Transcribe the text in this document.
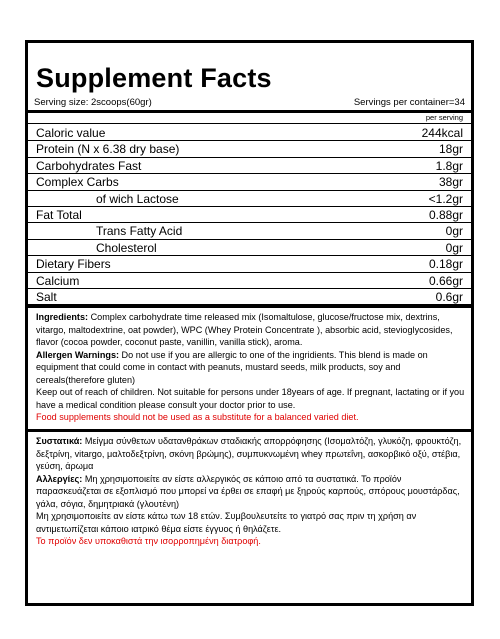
Supplement Facts
Serving size: 2scoops(60gr)	Servings per container=34
per serving
Caloric value	244kcal
Protein (N x 6.38 dry base)	18gr
Carbohydrates Fast	1.8gr
Complex Carbs	38gr
of wich Lactose	<1.2gr
Fat Total	0.88gr
Trans Fatty Acid	0gr
Cholesterol	0gr
Dietary Fibers	0.18gr
Calcium	0.66gr
Salt	0.6gr
Ingredients: Complex carbohydrate time released mix (Isomaltulose, glucose/fructose mix, dextrins, vitargo, maltodextrine, oat powder), WPC (Whey Protein Concentrate ), absorbic acid, stevioglycosides, flavor (cocoa powder, coconut paste, vanillin, vanilla stick), aroma.
Allergen Warnings: Do not use if you are allergic to one of the ingridients. This blend is made on equipment that could come in contact with peanuts, mustard seeds, milk products, soy and cereals(therefore gluten)
Keep out of reach of children. Not suitable for persons under 18years of age. If pregnant, lactating or if you have a medical condition please consult your doctor prior to use.
Food supplements should not be used as a substitute for a balanced varied diet.
Συστατικά: Μείγμα σύνθετων υδατανθράκων σταδιακής απορρόφησης (Ισομαλτόζη, γλυκόζη, φρουκτόζη, δεξτρίνη, vitargo, μαλτοδεξτρίνη, σκόνη βρώμης), συμπυκνωμένη whey πρωτεΐνη, ασκορβικό οξύ, στέβια, γεύση, άρωμα
Αλλεργίες: Μη χρησιμοποιείτε αν είστε αλλεργικός σε κάποιο από τα συστατικά. Το προϊόν παρασκευάζεται σε εξοπλισμό που μπορεί να έρθει σε επαφή με ξηρούς καρπούς, σπόρους μουστάρδας, γάλα, σόγια, δημητριακά (γλουτένη)
Μη χρησιμοποιείτε αν είστε κάτω των 18 ετών. Συμβουλευτείτε το γιατρό σας πριν τη χρήση αν αντιμετωπίζεται κάποιο ιατρικό θέμα είστε έγγυος ή θηλάζετε.
Το προϊόν δεν υποκαθιστά την ισορροπημένη διατροφή.
